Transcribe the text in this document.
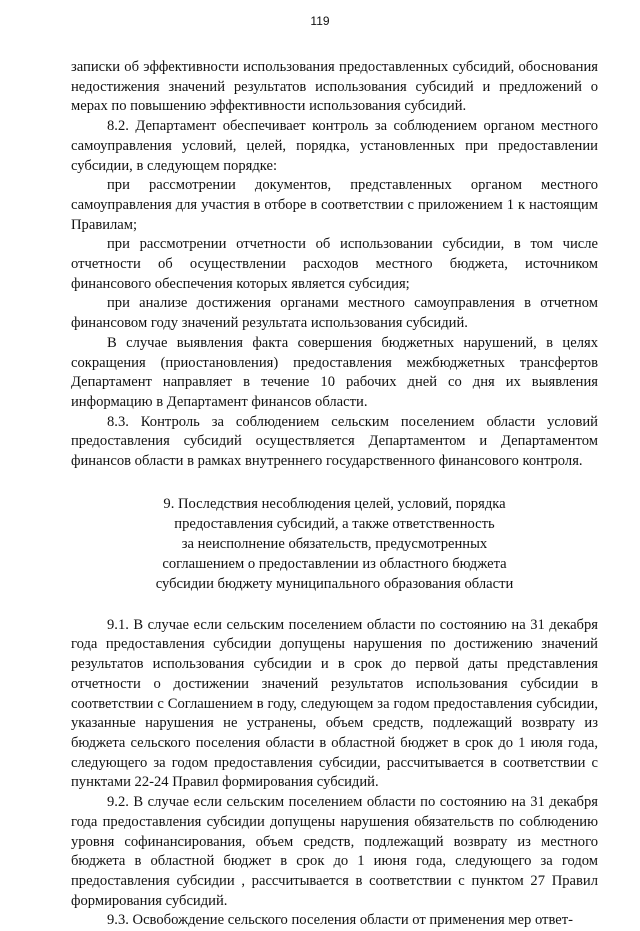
119

записки об эффективности использования предоставленных субсидий, обоснования недостижения значений результатов использования субсидий и предложений о мерах по повышению эффективности использования субсидий.

8.2. Департамент обеспечивает контроль за соблюдением органом местного самоуправления условий, целей, порядка, установленных при предоставлении субсидии, в следующем порядке:

при рассмотрении документов, представленных органом местного самоуправления для участия в отборе в соответствии с приложением 1 к настоящим Правилам;

при рассмотрении отчетности об использовании субсидии, в том числе отчетности об осуществлении расходов местного бюджета, источником финансового обеспечения которых является субсидия;

при анализе достижения органами местного самоуправления в отчетном финансовом году значений результата использования субсидий.

В случае выявления факта совершения бюджетных нарушений, в целях сокращения (приостановления) предоставления межбюджетных трансфертов Департамент направляет в течение 10 рабочих дней со дня их выявления информацию в Департамент финансов области.

8.3. Контроль за соблюдением сельским поселением области условий предоставления субсидий осуществляется Департаментом и Департаментом финансов области в рамках внутреннего государственного финансового контроля.

9. Последствия несоблюдения целей, условий, порядка
предоставления субсидий, а также ответственность
за неисполнение обязательств, предусмотренных
соглашением о предоставлении из областного бюджета
субсидии бюджету муниципального образования области

9.1. В случае если сельским поселением области по состоянию на 31 декабря года предоставления субсидии допущены нарушения по достижению значений результатов использования субсидии и в срок до первой даты представления отчетности о достижении значений результатов использования субсидии в соответствии с Соглашением в году, следующем за годом предоставления субсидии, указанные нарушения не устранены, объем средств, подлежащий возврату из бюджета сельского поселения области в областной бюджет в срок до 1 июля года, следующего за годом предоставления субсидии, рассчитывается в соответствии с пунктами 22-24 Правил формирования субсидий.

9.2. В случае если сельским поселением области по состоянию на 31 декабря года предоставления субсидии допущены нарушения обязательств по соблюдению уровня софинансирования, объем средств, подлежащий возврату из местного бюджета в областной бюджет в срок до 1 июня года, следующего за годом предоставления субсидии , рассчитывается в соответствии с пунктом 27 Правил формирования субсидий.

9.3. Освобождение сельского поселения области от применения мер ответ-
